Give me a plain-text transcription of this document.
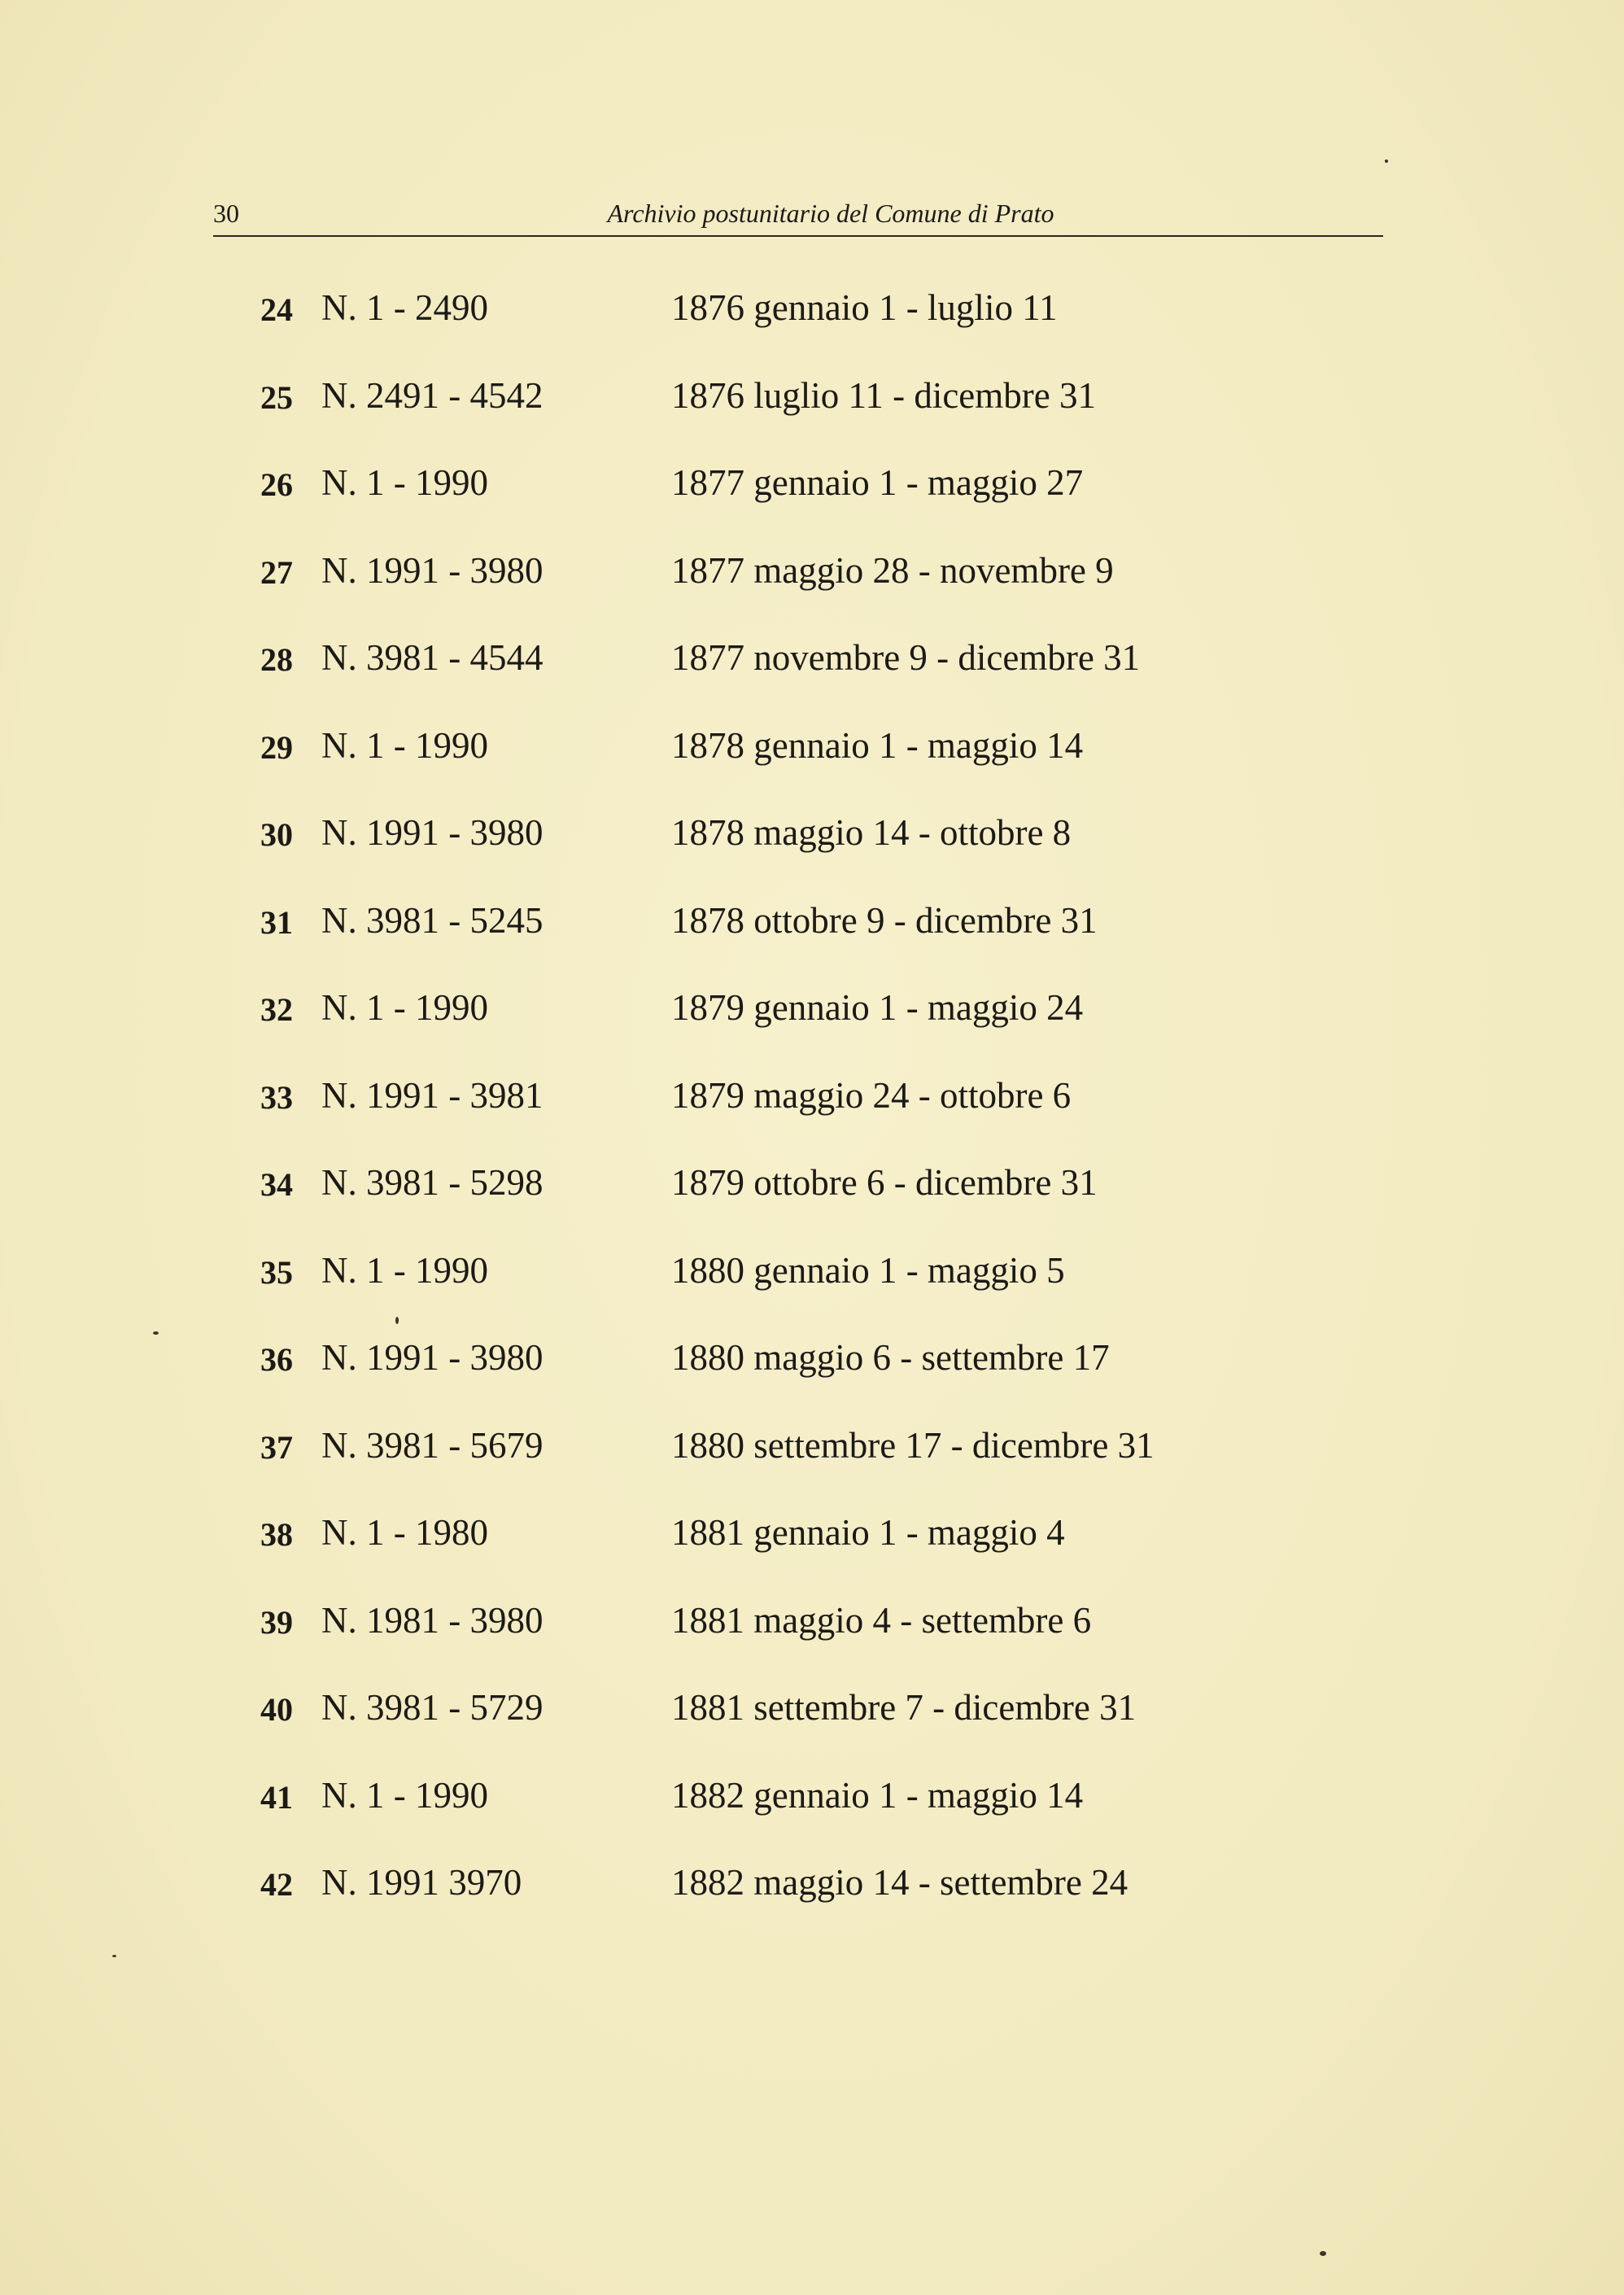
30	Archivio postunitario del Comune di Prato
24 N. 1 - 2490	1876 gennaio 1 - luglio 11
25 N. 2491 - 4542	1876 luglio 11 - dicembre 31
26 N. 1 - 1990	1877 gennaio 1 - maggio 27
27 N. 1991 - 3980	1877 maggio 28 - novembre 9
28 N. 3981 - 4544	1877 novembre 9 - dicembre 31
29 N. 1 - 1990	1878 gennaio 1 - maggio 14
30 N. 1991 - 3980	1878 maggio 14 - ottobre 8
31 N. 3981 - 5245	1878 ottobre 9 - dicembre 31
32 N. 1 - 1990	1879 gennaio 1 - maggio 24
33 N. 1991 - 3981	1879 maggio 24 - ottobre 6
34 N. 3981 - 5298	1879 ottobre 6 - dicembre 31
35 N. 1 - 1990	1880 gennaio 1 - maggio 5
36 N. 1991 - 3980	1880 maggio 6 - settembre 17
37 N. 3981 - 5679	1880 settembre 17 - dicembre 31
38 N. 1 - 1980	1881 gennaio 1 - maggio 4
39 N. 1981 - 3980	1881 maggio 4 - settembre 6
40 N. 3981 - 5729	1881 settembre 7 - dicembre 31
41 N. 1 - 1990	1882 gennaio 1 - maggio 14
42 N. 1991 3970	1882 maggio 14 - settembre 24
